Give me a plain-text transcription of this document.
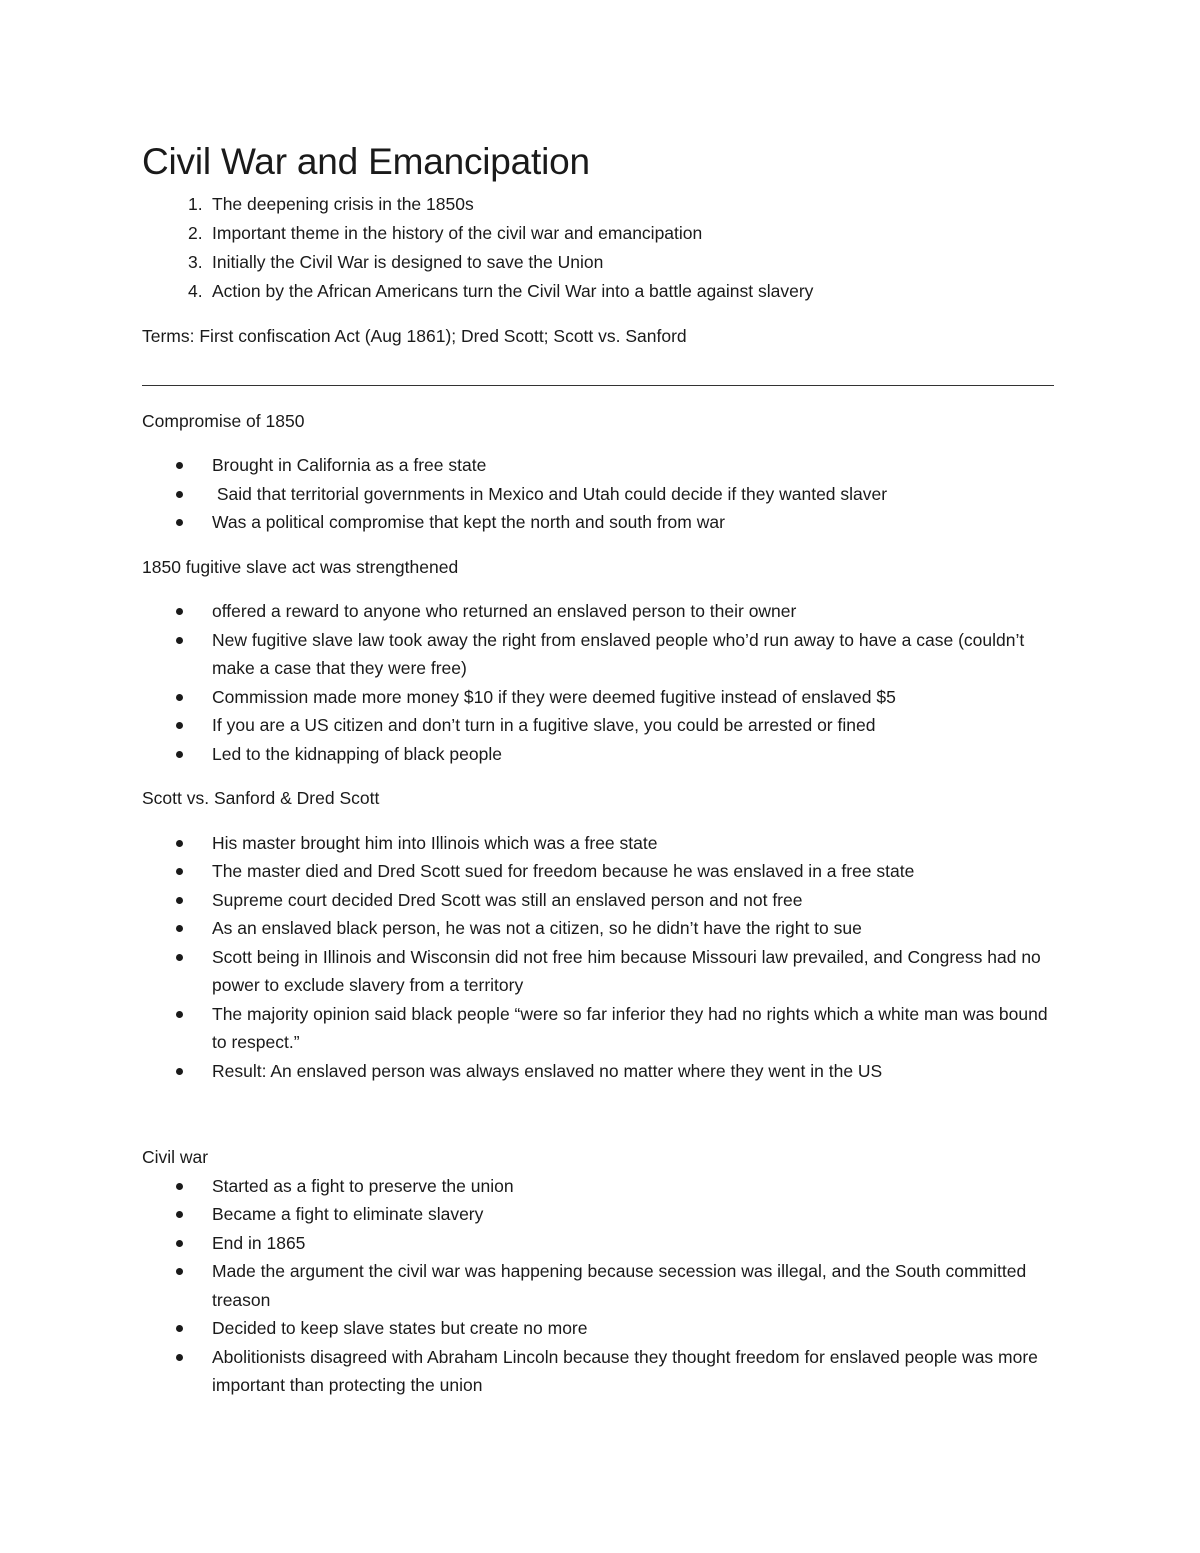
Civil War and Emancipation
1. The deepening crisis in the 1850s
2. Important theme in the history of the civil war and emancipation
3. Initially the Civil War is designed to save the Union
4. Action by the African Americans turn the Civil War into a battle against slavery
Terms: First confiscation Act (Aug 1861); Dred Scott; Scott vs. Sanford
Compromise of 1850
Brought in California as a free state
Said that territorial governments in Mexico and Utah could decide if they wanted slaver
Was a political compromise that kept the north and south from war
1850 fugitive slave act was strengthened
offered a reward to anyone who returned an enslaved person to their owner
New fugitive slave law took away the right from enslaved people who’d run away to have a case (couldn’t make a case that they were free)
Commission made more money $10 if they were deemed fugitive instead of enslaved $5
If you are a US citizen and don’t turn in a fugitive slave, you could be arrested or fined
Led to the kidnapping of black people
Scott vs. Sanford & Dred Scott
His master brought him into Illinois which was a free state
The master died and Dred Scott sued for freedom because he was enslaved in a free state
Supreme court decided Dred Scott was still an enslaved person and not free
As an enslaved black person, he was not a citizen, so he didn’t have the right to sue
Scott being in Illinois and Wisconsin did not free him because Missouri law prevailed, and Congress had no power to exclude slavery from a territory
The majority opinion said black people “were so far inferior they had no rights which a white man was bound to respect.”
Result: An enslaved person was always enslaved no matter where they went in the US
Civil war
Started as a fight to preserve the union
Became a fight to eliminate slavery
End in 1865
Made the argument the civil war was happening because secession was illegal, and the South committed treason
Decided to keep slave states but create no more
Abolitionists disagreed with Abraham Lincoln because they thought freedom for enslaved people was more important than protecting the union
